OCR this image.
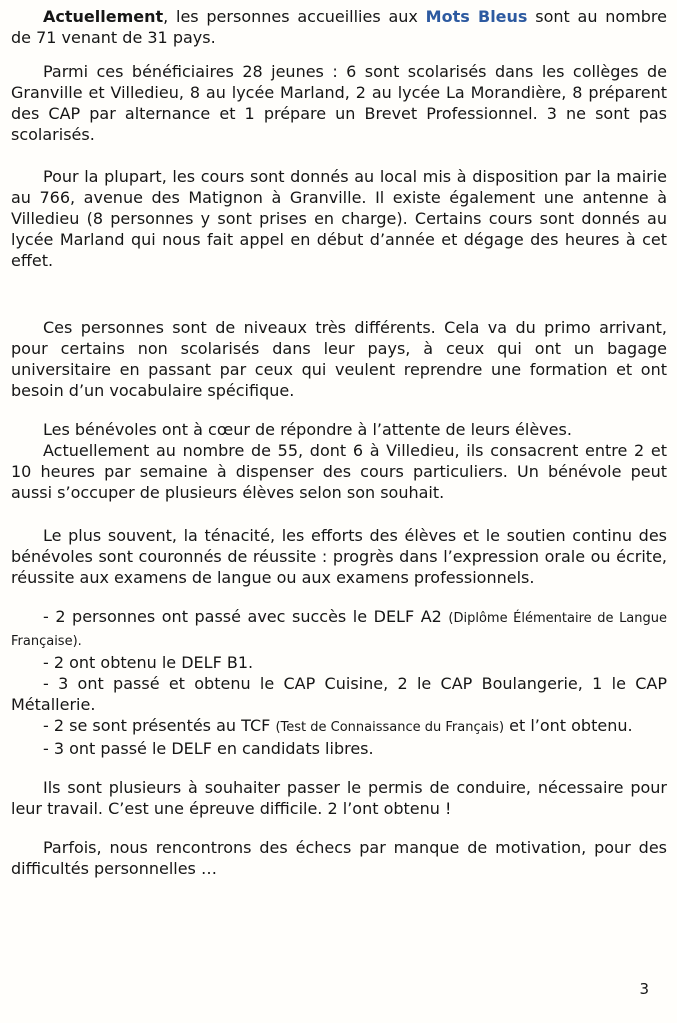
Actuellement, les personnes accueillies aux Mots Bleus sont au nombre de 71 venant de 31 pays.

Parmi ces bénéficiaires 28 jeunes : 6 sont scolarisés dans les collèges de Granville et Villedieu, 8 au lycée Marland, 2 au lycée La Morandière, 8 préparent des CAP par alternance et 1 prépare un Brevet Professionnel. 3 ne sont pas scolarisés.

Pour la plupart, les cours sont donnés au local mis à disposition par la mairie au 766, avenue des Matignon à Granville. Il existe également une antenne à Villedieu (8 personnes y sont prises en charge). Certains cours sont donnés au lycée Marland qui nous fait appel en début d’année et dégage des heures à cet effet.

Ces personnes sont de niveaux très différents. Cela va du primo arrivant, pour certains non scolarisés dans leur pays, à ceux qui ont un bagage universitaire en passant par ceux qui veulent reprendre une formation et ont besoin d’un vocabulaire spécifique.

Les bénévoles ont à cœur de répondre à l’attente de leurs élèves.

Actuellement au nombre de 55, dont 6 à Villedieu, ils consacrent entre 2 et 10 heures par semaine à dispenser des cours particuliers. Un bénévole peut aussi s’occuper de plusieurs élèves selon son souhait.

Le plus souvent, la ténacité, les efforts des élèves et le soutien continu des bénévoles sont couronnés de réussite : progrès dans l’expression orale ou écrite, réussite aux examens de langue ou aux examens professionnels.

- 2 personnes ont passé avec succès le DELF A2 (Diplôme Élémentaire de Langue Française).

- 2 ont obtenu le DELF B1.

- 3 ont passé et obtenu le CAP Cuisine, 2 le CAP Boulangerie, 1 le CAP Métallerie.

- 2 se sont présentés au TCF (Test de Connaissance du Français) et l’ont obtenu.

- 3 ont passé le DELF en candidats libres.

Ils sont plusieurs à souhaiter passer le permis de conduire, nécessaire pour leur travail. C’est une épreuve difficile. 2 l’ont obtenu !

Parfois, nous rencontrons des échecs par manque de motivation, pour des difficultés personnelles …

3
